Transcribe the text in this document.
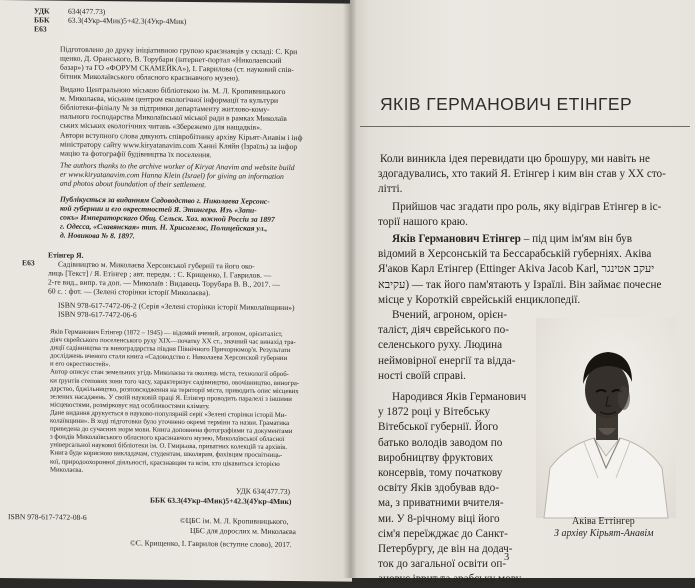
УДК 634(477.73)
ББК 63.3(4Укр-4Мик)5+42.3(4Укр-4Мик)
Е63

Підготовлено до друку ініціативною групою краєзнавців у складі: С. Кри

щенко, Д. Оранського, В. Торубари (інтернет-портал «Николаевский

базар») та ГО «ФОРУМ СКАМЕЙКА»), І. Гаврилова (ст. науковий спів-

бітник Миколаївського обласного краєзнавчого музею).

Видано Центральною міською бібліотекою ім. М. Л. Кропивницького

м. Миколаєва, міським центром екологічної інформації та культури

бібліотеки-філіалу № за підтримки департаменту житлово-кому-

нального господарства Миколаївської міської ради в рамках Миколаїв

ських міських екологічних читань «Збережемо для нащадків».

Автори вступного слова дякують співробітнику архіву Кірьят-Анавім і інф

міністратору сайту www.kiryatanavim.com Ханні Кляйн (Ізраїль) за інфор

мацію та фотографії будівництва їх поселення.

The authors thanks to the archive worker of Kiryat Anavim and website build

er www.kiryatanavim.com Hanna Klein (Israel) for giving an information

and photos about foundation of their settlement.

Публікується за виданням Садоводство г. Николаева Херсонс-

кой губернии и его окрестностей Я. Этингера. Изъ «Запи-

сокъ» Императорскаго Общ. Сельск. Хоз. южной Россіи за 1897

г. Одесса, «Славянская» тип. Н. Хрисогелос, Полицейская ул.,

д. Новикова № 8. 1897.

Е63

Етінгер Я.

Садівництво м. Миколаєва Херсонської губернії та його око-

лиць [Текст] / Я. Етінгер ; авт. передм. : С. Крищенко, І. Гаврилов. —

2-ге вид., випр. та доп. — Миколаїв : Видавець Торубара В. В., 2017. —

60 с. : фот. — (Зелені сторінки історії Миколаєва).

ISBN 978-617-7472-06-2 (Серія «Зелені сторінки історії Миколаївщини»)
ISBN 978-617-7472-06-6

Яків Германович Етінгер (1872 – 1945) — відомий вчений, агроном, орієнталіст,

діяч єврейського поселенського руху XIX—початку XX ст., значний час винахід тра-

диції садівництва та виноградарства півдня Північного Причорномор'я. Результати

досліджень вченого стали книга «Садоводство г. Николаева Херсонской губернии

и его окрестностей».

Автор описує стан земельних угідь Миколаєва та околиць міста, технології оброб-

ки ґрунтів степових зони того часу, характеризує садівництво, овочівництво, виногра-

дарство, бджільництво, розповсюдження на території міста, приводить опис місцевих

зелених насаджень. У своїй науковій праці Я. Етінгер проводить паралелі з іншими

місцевостями, розмірковує над особливостями клімату.

Дане видання друкується в науково-популярній серії «Зелені сторінки історії Ми-

колаївщини». В ході підготовки було уточнено окремі терміни та назви. Граматика

приведена до сучасних норм мови. Книга доповнена фотографіями та документами

з фондів Миколаївського обласного краєзнавчого музею, Миколаївської обласної

універсальної наукової бібліотеки ім. О. Гмирьова, приватних колекцій та архівів.

Книга буде корисною викладачам, студентам, школярам, фахівцям просвітниць-

кої, природоохоронної діяльності, краєзнавцям та всім, хто цікавиться історією

Миколаєва.

УДК 634(477.73)
ББК 63.3(4Укр-4Мик)5+42.3(4Укр-4Мик)
ISBN 978-617-7472-08-6	©ЦБС ім. М. Л. Кропивницького,
ЦБС для дорослих м. Миколаєва
©С. Крищенко, І. Гаврилов (вступне слово), 2017.
ЯКІВ ГЕРМАНОВИЧ ЕТІНГЕР

Коли виникла ідея перевидати цю брошуру, ми навіть не

здогадувались, хто такий Я. Етінгер і ким він став у XX сто-

літті.

Прийшов час згадати про роль, яку відіграв Етінгер в іс-

торії нашого краю.

Яків Германович Етінгер – під цим ім'ям він був

відомий в Херсонській та Бессарабській губерніях. Аківа

Я'аков Карл Етінгер (Ettinger Akiva Jacob Karl, יעקב אטינגר

עקיבא) — так його пам'ятають у Ізраїлі. Він займає почесне

місце у Короткій єврейській енциклопедії.

Вчений, агроном, орієн-

таліст, діяч єврейського по-

селенського руху. Людина

неймовірної енергії та відда-

ності своїй справі.

Народився Яків Германович

у 1872 році у Вітебську

Вітебської губернії. Його

батько володів заводом по

виробництву фруктових

консервів, тому початкову

освіту Яків здобував вдо-

ма, з приватними вчителя-

ми. У 8-річному віці його

сім'я переїжджає до Санкт-

Петербургу, де він на додач-

ток до загальної освіти оп-

ановує іврит та арабську мову.

Аківа Еттінгер
З архіву Кірьят-Анавім
3
